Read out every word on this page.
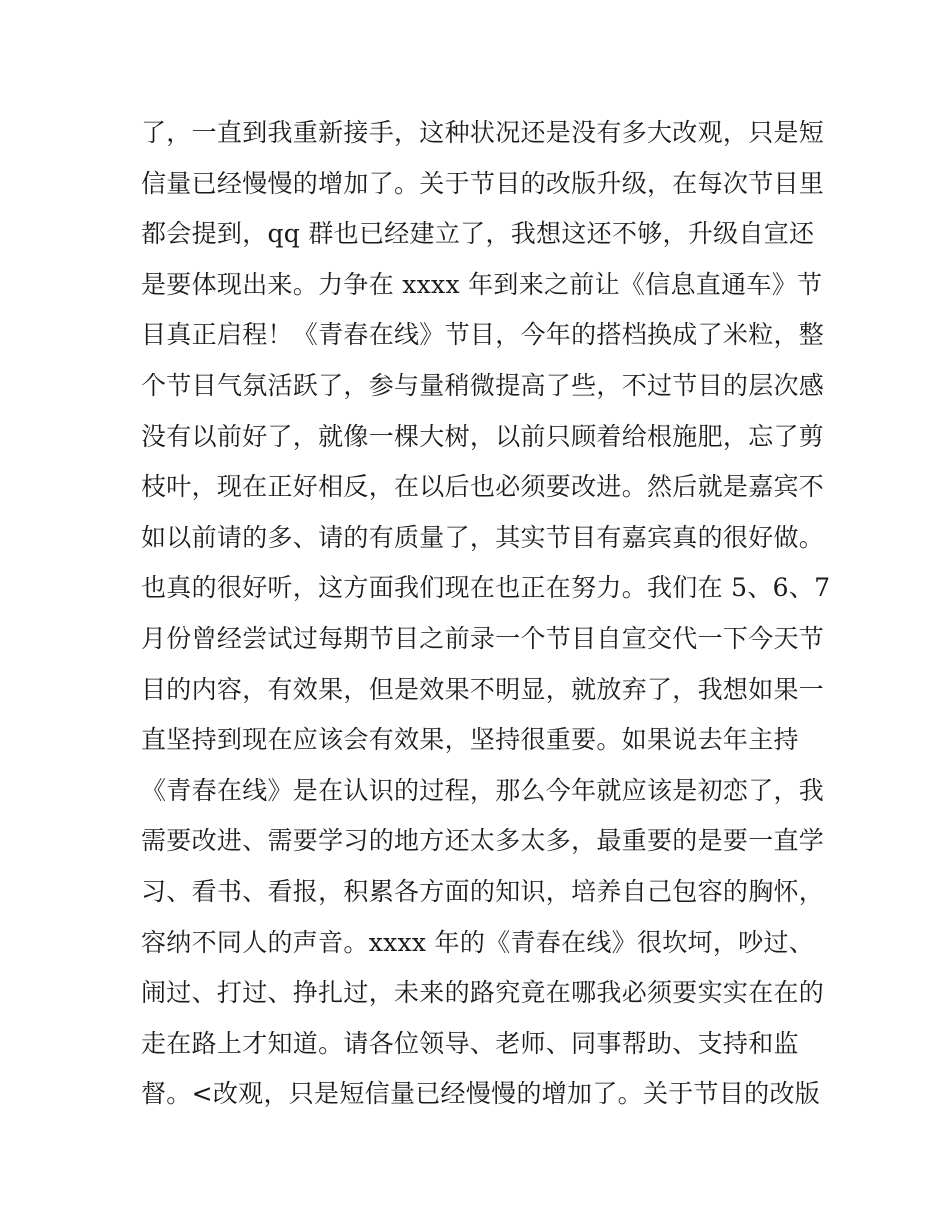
了，一直到我重新接手，这种状况还是没有多大改观，只是短
信量已经慢慢的增加了。关于节目的改版升级，在每次节目里
都会提到，qq 群也已经建立了，我想这还不够，升级自宣还
是要体现出来。力争在 xxxx 年到来之前让《信息直通车》节
目真正启程！《青春在线》节目，今年的搭档换成了米粒，整
个节目气氛活跃了，参与量稍微提高了些，不过节目的层次感
没有以前好了，就像一棵大树，以前只顾着给根施肥，忘了剪
枝叶，现在正好相反，在以后也必须要改进。然后就是嘉宾不
如以前请的多、请的有质量了，其实节目有嘉宾真的很好做。
也真的很好听，这方面我们现在也正在努力。我们在 5、6、7
月份曾经尝试过每期节目之前录一个节目自宣交代一下今天节
目的内容，有效果，但是效果不明显，就放弃了，我想如果一
直坚持到现在应该会有效果，坚持很重要。如果说去年主持
《青春在线》是在认识的过程，那么今年就应该是初恋了，我
需要改进、需要学习的地方还太多太多，最重要的是要一直学
习、看书、看报，积累各方面的知识，培养自己包容的胸怀，
容纳不同人的声音。xxxx 年的《青春在线》很坎坷，吵过、
闹过、打过、挣扎过，未来的路究竟在哪我必须要实实在在的
走在路上才知道。请各位领导、老师、同事帮助、支持和监
督。<改观，只是短信量已经慢慢的增加了。关于节目的改版
